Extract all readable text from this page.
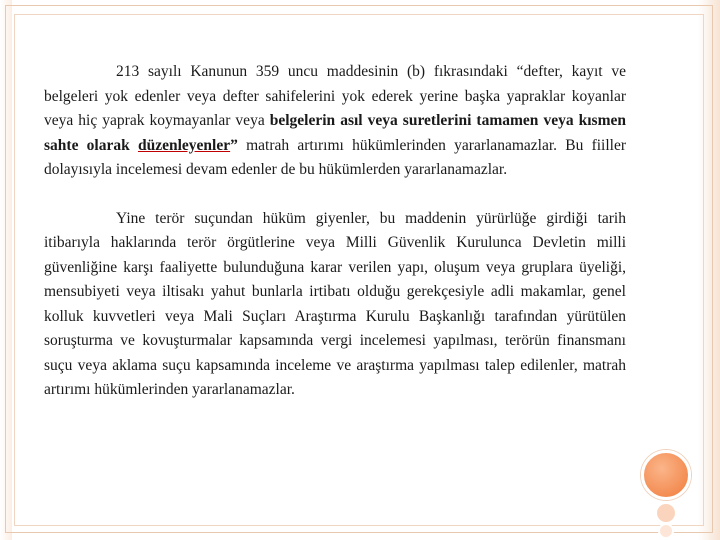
213 sayılı Kanunun 359 uncu maddesinin (b) fıkrasındaki “defter, kayıt ve belgeleri yok edenler veya defter sahifelerini yok ederek yerine başka yapraklar koyanlar veya hiç yaprak koymayanlar veya belgelerin asıl veya suretlerini tamamen veya kısmen sahte olarak düzenleyenler” matrah artırımı hükümlerinden yararlanamazlar. Bu fiiller dolayısıyla incelemesi devam edenler de bu hükümlerden yararlanamazlar.

Yine terör suçundan hüküm giyenler, bu maddenin yürürlüğe girdiği tarih itibarıyla haklarında terör örgütlerine veya Milli Güvenlik Kurulunca Devletin milli güvenliğine karşı faaliyette bulunduğuna karar verilen yapı, oluşum veya gruplara üyeliği, mensubiyeti veya iltisakı yahut bunlarla irtibatı olduğu gerekçesiyle adli makamlar, genel kolluk kuvvetleri veya Mali Suçları Araştırma Kurulu Başkanlığı tarafından yürütülen soruşturma ve kovuşturmalar kapsamında vergi incelemesi yapılması, terörün finansmanı suçu veya aklama suçu kapsamında inceleme ve araştırma yapılması talep edilenler, matrah artırımı hükümlerinden yararlanamazlar.
